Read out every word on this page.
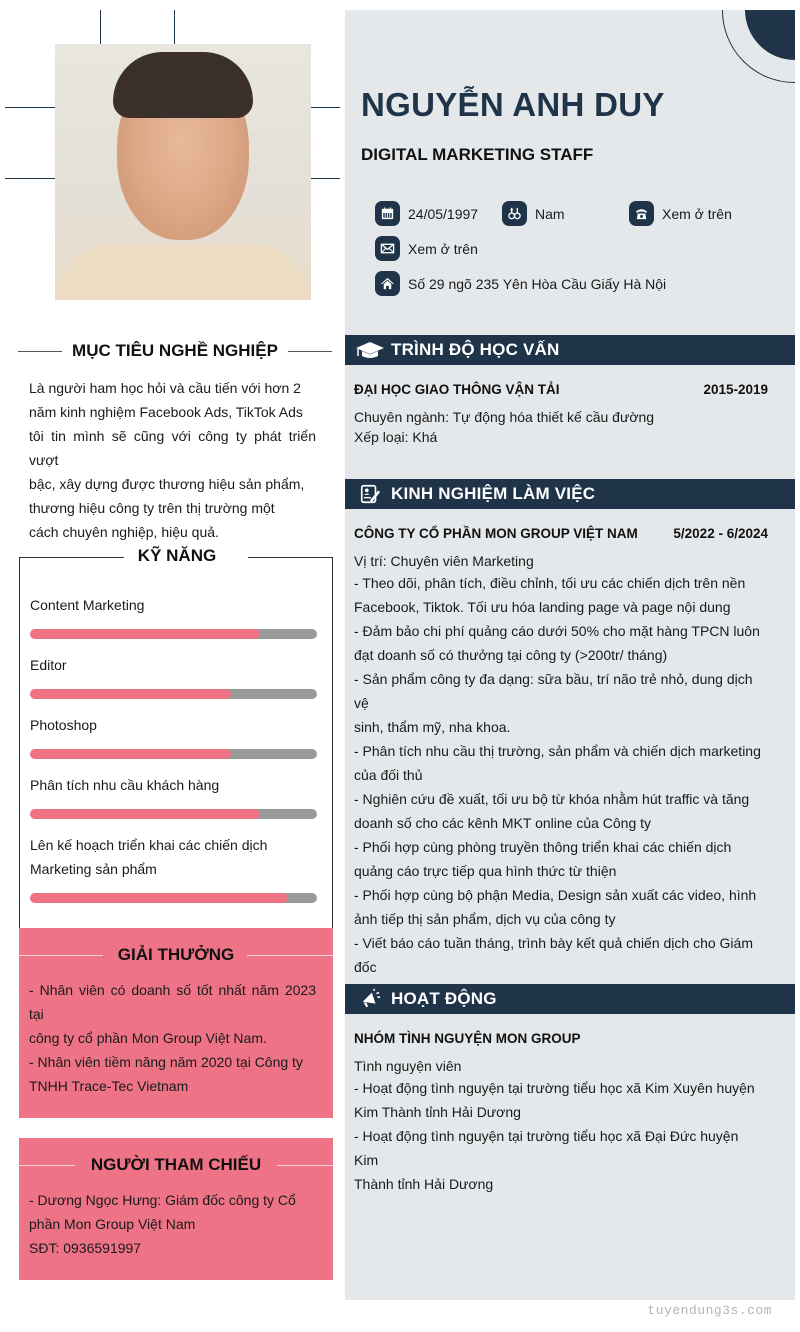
MỤC TIÊU NGHỀ NGHIỆP
Là người ham học hỏi và cầu tiến với hơn 2
năm kinh nghiệm Facebook Ads, TikTok Ads
tôi tin mình sẽ cũng với công ty phát triển vượt
bậc, xây dựng được thương hiệu sản phẩm,
thương hiệu công ty trên thị trường một
cách chuyên nghiệp, hiệu quả.
KỸ NĂNG
Content Marketing
Editor
Photoshop
Phân tích nhu cầu khách hàng
Lên kế hoạch triển khai các chiến dịch
Marketing sản phẩm
GIẢI THƯỞNG
- Nhân viên có doanh số tốt nhất năm 2023 tại
công ty cổ phần Mon Group Việt Nam.
- Nhân viên tiềm năng năm 2020 tại Công ty
TNHH Trace-Tec Vietnam
NGƯỜI THAM CHIẾU
- Dương Ngọc Hưng: Giám đốc công ty Cổ
phần Mon Group Việt Nam
SĐT: 0936591997
NGUYỄN ANH DUY
DIGITAL MARKETING STAFF
24/05/1997	Nam	Xem ở trên
Xem ở trên
Số 29 ngõ 235 Yên Hòa Cầu Giấy Hà Nội
TRÌNH ĐỘ HỌC VẤN
ĐẠI HỌC GIAO THÔNG VẬN TẢI	2015-2019
Chuyên ngành: Tự động hóa thiết kế cầu đường
Xếp loại: Khá
KINH NGHIỆM LÀM VIỆC
CÔNG TY CỔ PHẦN MON GROUP VIỆT NAM	5/2022 - 6/2024
Vị trí: Chuyên viên Marketing
- Theo dõi, phân tích, điều chỉnh, tối ưu các chiến dịch trên nền
Facebook, Tiktok. Tối ưu hóa landing page và page nội dung
- Đảm bảo chi phí quảng cáo dưới 50% cho mặt hàng TPCN luôn
đạt doanh số có thưởng tại công ty (>200tr/ tháng)
- Sản phẩm công ty đa dạng: sữa bầu, trí não trẻ nhỏ, dung dịch vệ
sinh, thẩm mỹ, nha khoa.
- Phân tích nhu cầu thị trường, sản phẩm và chiến dịch marketing
của đối thủ
- Nghiên cứu đề xuất, tối ưu bộ từ khóa nhằm hút traffic và tăng
doanh số cho các kênh MKT online của Công ty
- Phối hợp cùng phòng truyền thông triển khai các chiến dịch
quảng cáo trực tiếp qua hình thức từ thiện
- Phối hợp cùng bộ phận Media, Design sản xuất các video, hình
ảnh tiếp thị sản phẩm, dịch vụ của công ty
- Viết báo cáo tuần tháng, trình bày kết quả chiến dịch cho Giám
đốc
HOẠT ĐỘNG
NHÓM TÌNH NGUYỆN MON GROUP
Tình nguyện viên
- Hoạt động tình nguyện tại trường tiểu học xã Kim Xuyên huyện
Kim Thành tỉnh Hải Dương
- Hoạt động tình nguyện tại trường tiểu học xã Đại Đức huyện Kim
Thành tỉnh Hải Dương
tuyendung3s.com
